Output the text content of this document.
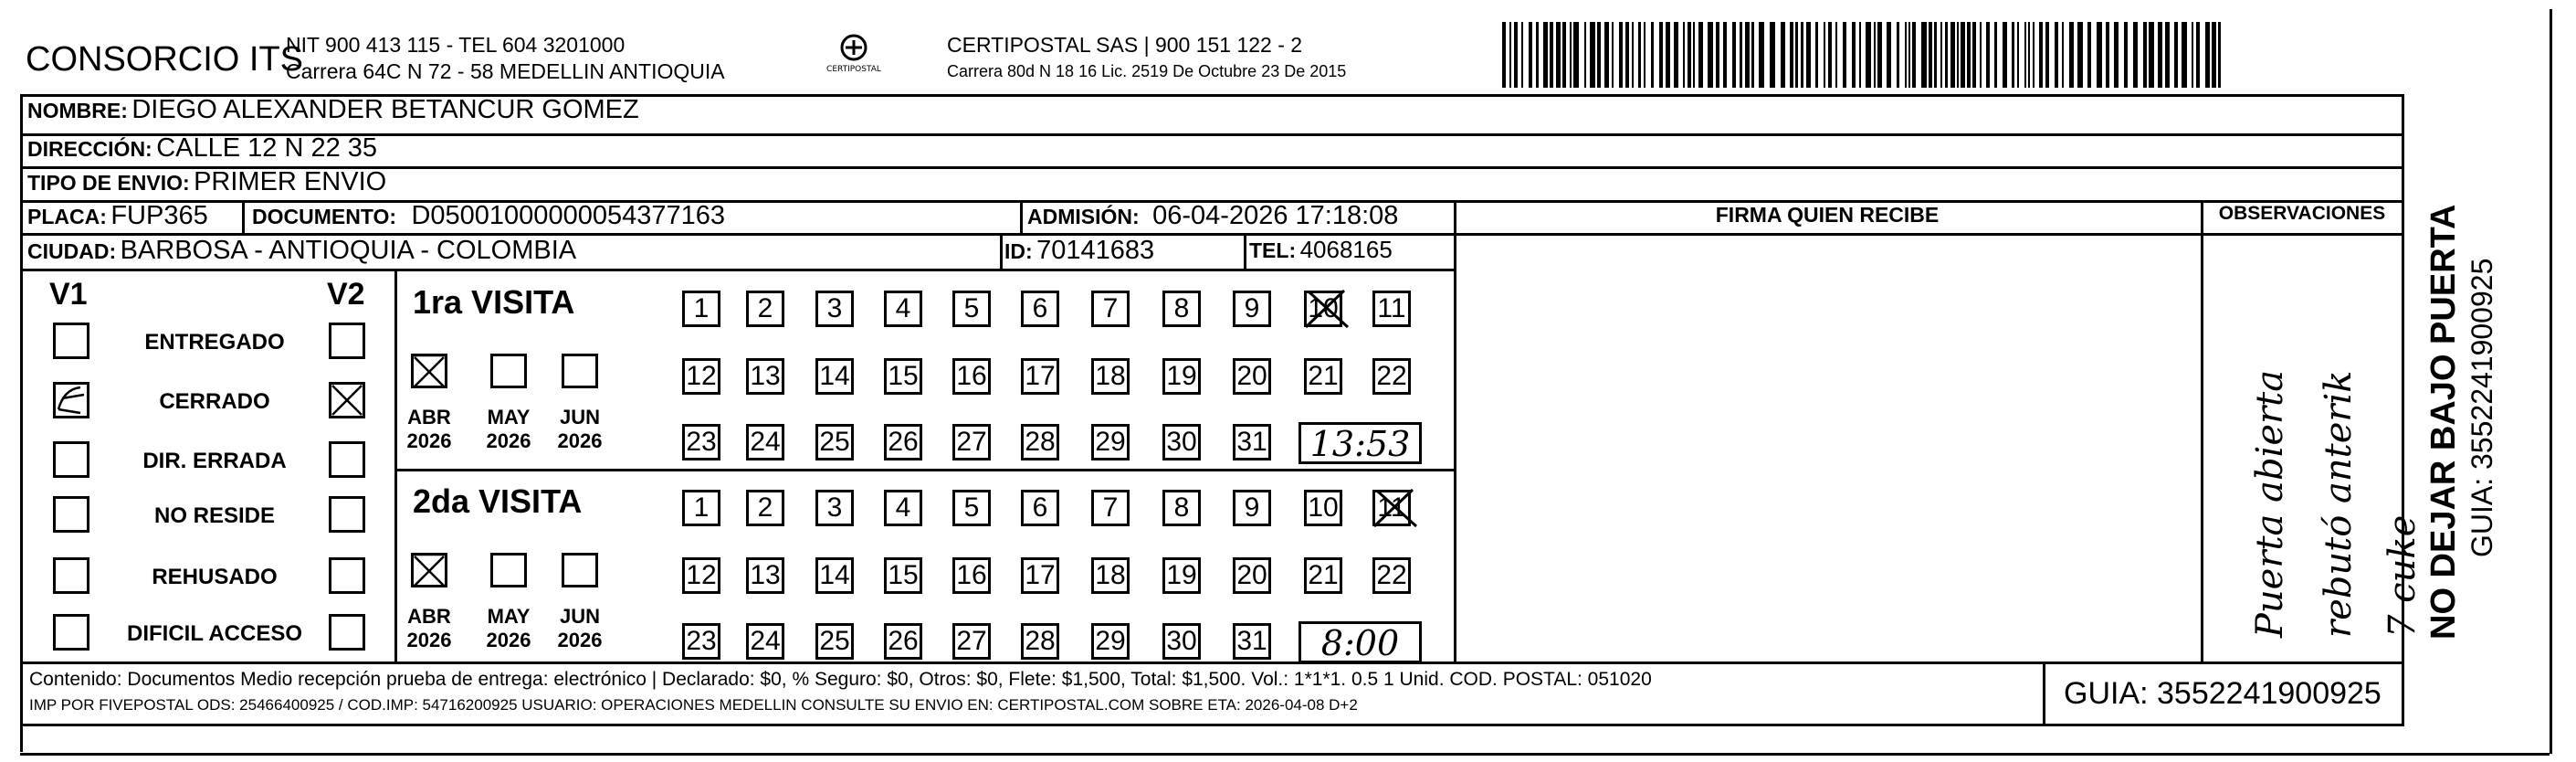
CONSORCIO ITS
NIT 900 413 115 - TEL 604 3201000
Carrera 64C N 72 - 58 MEDELLIN ANTIOQUIA	CERTIPOSTAL
CERTIPOSTAL SAS | 900 151 122 - 2
Carrera 80d N 18 16 Lic. 2519 De Octubre 23 De 2015
NOMBRE: DIEGO ALEXANDER BETANCUR GOMEZ
DIRECCIÓN: CALLE 12 N 22 35
TIPO DE ENVIO: PRIMER ENVIO
PLACA: FUP365 DOCUMENTO: D05001000000054377163	ADMISIÓN: 06-04-2026 17:18:08
CIUDAD: BARBOSA - ANTIOQUIA - COLOMBIA	ID: 70141683	TEL: 4068165
FIRMA QUIEN RECIBE	OBSERVACIONES
Puerta abierta rebutó anterik 7 cuke NO DEJAR BAJO PUERTA GUIA: 3552241900925
V1	V2
ENTREGADO
CERRADO
DIR. ERRADA
NO RESIDE
REHUSADO
DIFICIL ACCESO
1ra VISITA
ABR
2026
MAY
2026
JUN
2026
1	2	3	4	5	6	7	8	9	10 11
12 13 14 15 16 17 18 19 20 21 22
23 24 25 26 27 28 29 30 31	13:53
2da VISITA
ABR
2026
MAY
2026
JUN
2026
1	2	3	4	5	6	7	8	9	10 11
12 13 14 15 16 17 18 19 20 21 22
23 24 25 26 27 28 29 30 31	8:00
Contenido: Documentos Medio recepción prueba de entrega: electrónico | Declarado: $0, % Seguro: $0, Otros: $0, Flete: $1,500, Total: $1,500. Vol.: 1*1*1. 0.5 1 Unid. COD. POSTAL: 051020
IMP POR FIVEPOSTAL ODS: 25466400925 / COD.IMP: 54716200925 USUARIO: OPERACIONES MEDELLIN CONSULTE SU ENVIO EN: CERTIPOSTAL.COM SOBRE ETA: 2026-04-08 D+2	GUIA: 3552241900925
